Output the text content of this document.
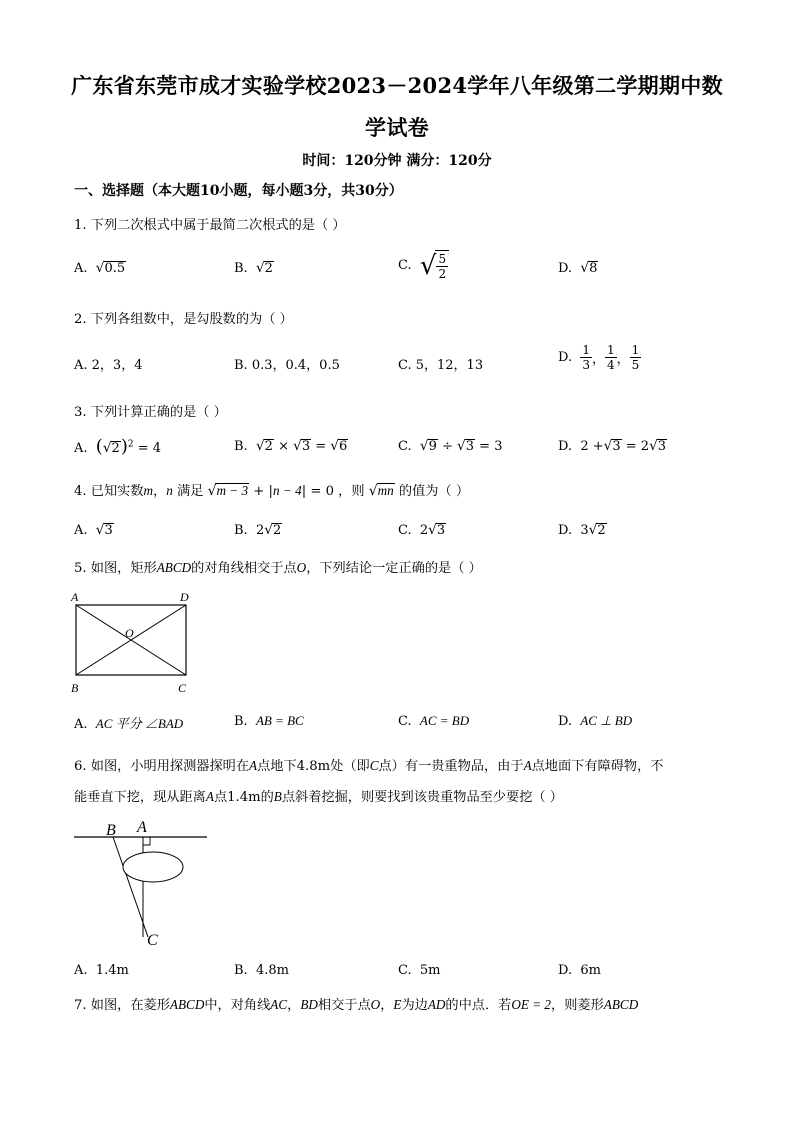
广东省东莞市成才实验学校2023－2024学年八年级第二学期期中数
学试卷
时间：120分钟 满分：120分
一、选择题（本大题10小题，每小题3分，共30分）
1. 下列二次根式中属于最简二次根式的是（ ）
A.  √0.5	B.  √2	C. √ $\frac{5}{2}$	D.  √8
2. 下列各组数中，是勾股数的为（ ）
A. 2，3，4	B. 0.3，0.4，0.5	C. 5，12，13
D.
$\frac{1}{3}$ ， $\frac{1}{4}$ ， $\frac{1}{5}$
3. 下列计算正确的是（ ）
A.  $(√2)^2 = 4$	B.  √2 × √3 = √6	C.  √9 ÷ √3 = 3	D.  2 +√3 = 2√3
4. 已知实数m，n 满足 √m − 3 + |n − 4| = 0 ，则 √mn 的值为（ ）
A.  √3	B.  2√2	C.  2√3	D.  3√2
5. 如图，矩形ABCD的对角线相交于点O，下列结论一定正确的是（ ）
A	D
B	C
O
A.  AC 平分 ∠BAD	B.  AB = BC	C.  AC = BD	D.  AC ⊥ BD
6. 如图，小明用探测器探明在A点地下4.8m处（即C点）有一贵重物品，由于A点地面下有障碍物，不
能垂直下挖，现从距离A点1.4m的B点斜着挖掘，则要找到该贵重物品至少要挖（ ）
B A
C
A.  1.4m	B.  4.8m	C.  5m	D.  6m
7. 如图，在菱形ABCD中，对角线AC，BD相交于点O，E为边AD的中点．若OE = 2，则菱形ABCD
